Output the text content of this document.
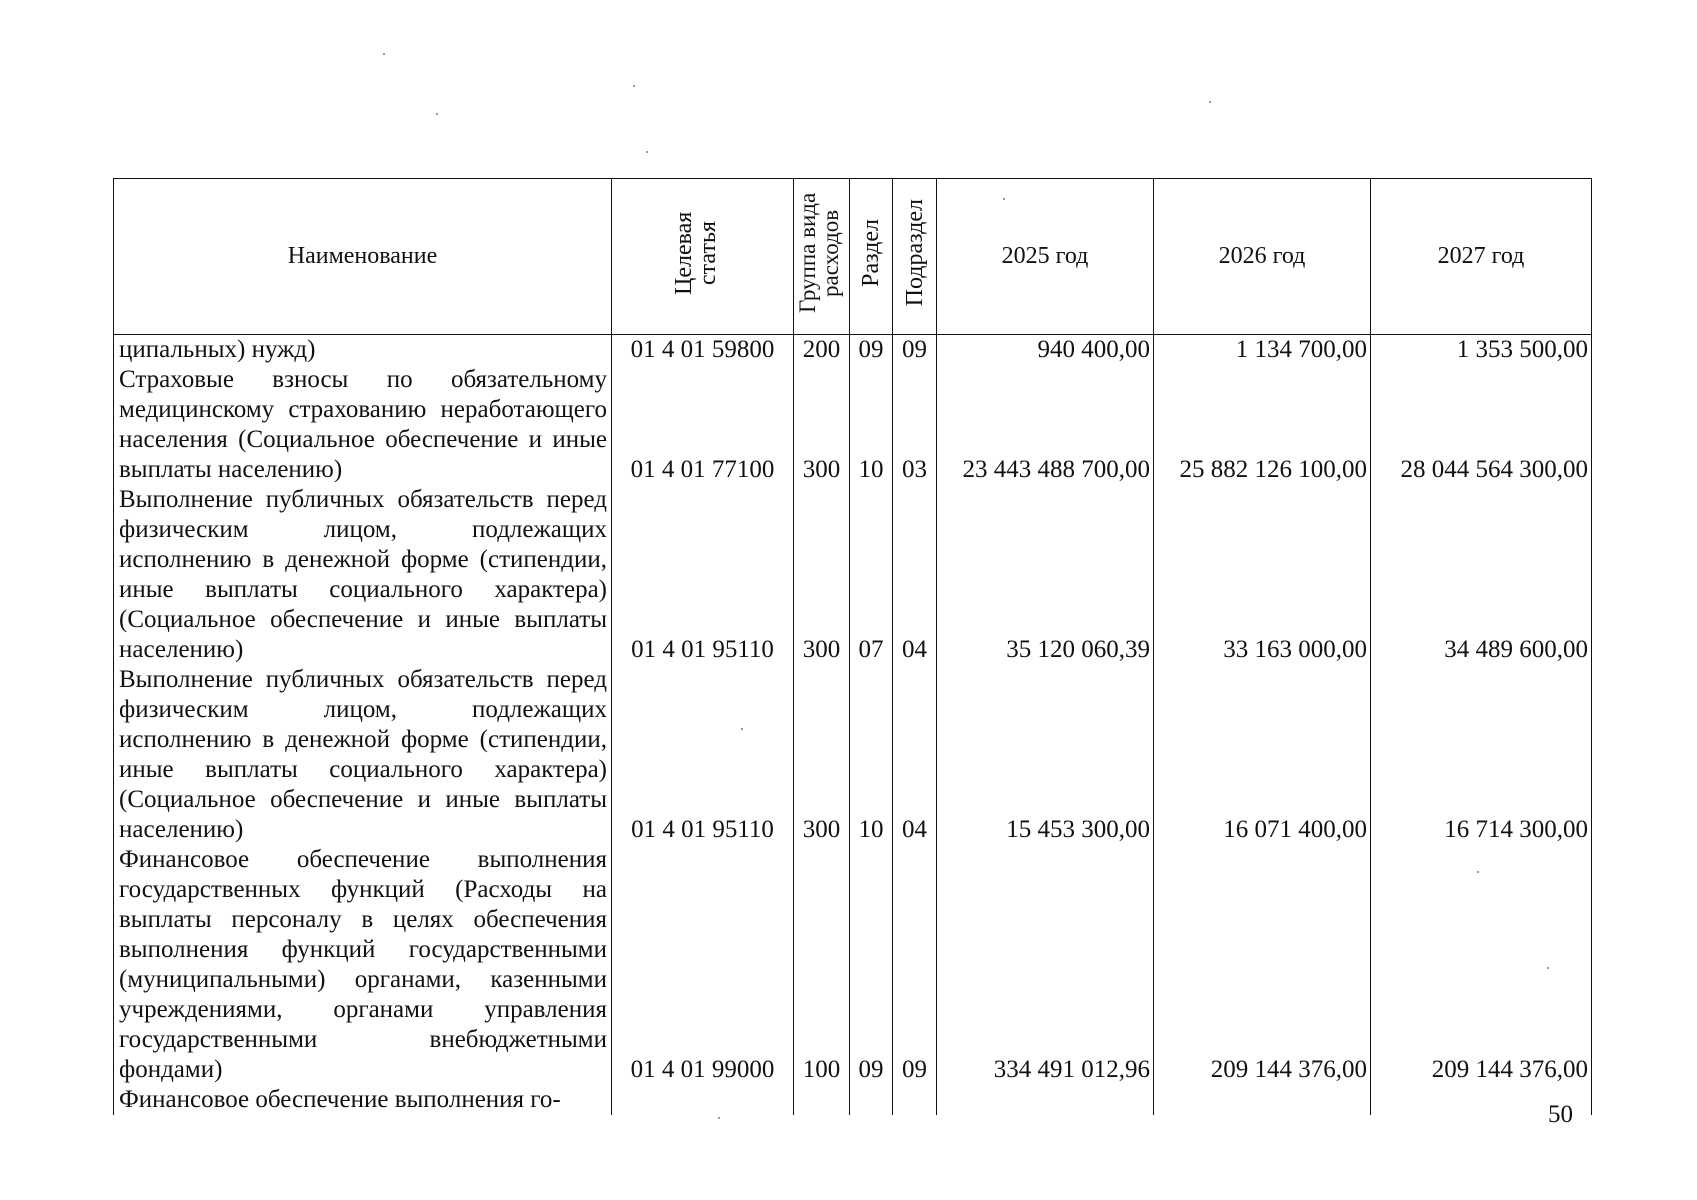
Наименование	Целевая статья	Группа вида расходов	Раздел	Подраздел	2025 год	2026 год	2027 год
ципальных) нужд)	01 4 01 59800	200	09	09	940 400,00	1 134 700,00	1 353 500,00
Страховые взносы по обязательному медицинскому страхованию неработающего населения (Социальное обеспечение и иные выплаты населению)	01 4 01 77100	300	10	03	23 443 488 700,00	25 882 126 100,00	28 044 564 300,00
Выполнение публичных обязательств перед физическим лицом, подлежащих исполнению в денежной форме (стипендии, иные выплаты социального характера) (Социальное обеспечение и иные выплаты населению)	01 4 01 95110	300	07	04	35 120 060,39	33 163 000,00	34 489 600,00
Выполнение публичных обязательств перед физическим лицом, подлежащих исполнению в денежной форме (стипендии, иные выплаты социального характера) (Социальное обеспечение и иные выплаты населению)	01 4 01 95110	300	10	04	15 453 300,00	16 071 400,00	16 714 300,00
Финансовое обеспечение выполнения государственных функций (Расходы на выплаты персоналу в целях обеспечения выполнения функций государственными (муниципальными) органами, казенными учреждениями, органами управления государственными внебюджетными фондами)	01 4 01 99000	100	09	09	334 491 012,96	209 144 376,00	209 144 376,00
Финансовое обеспечение выполнения го-							
50
